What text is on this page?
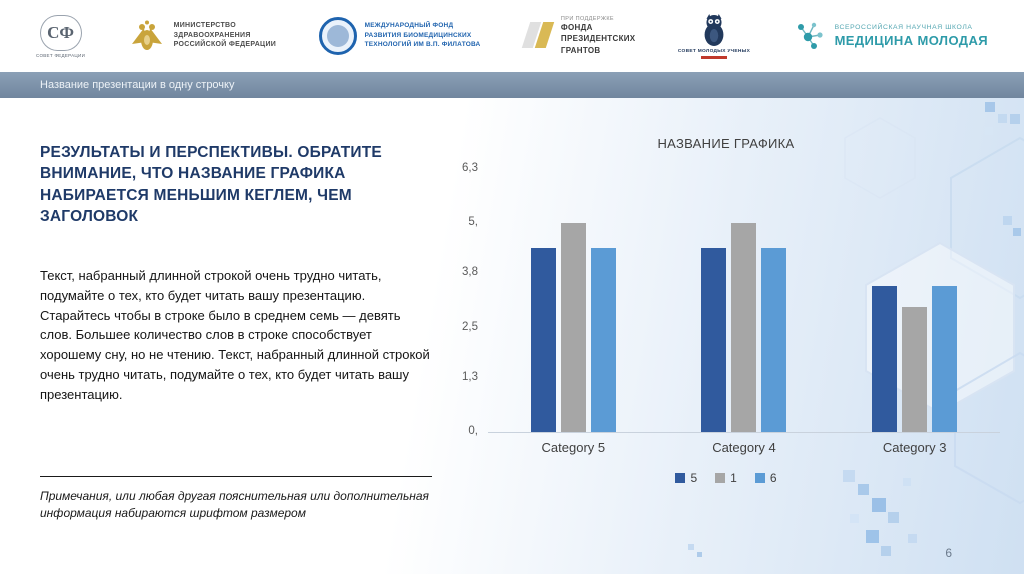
СФ
СОВЕТ ФЕДЕРАЦИИ
МИНИСТЕРСТВО
ЗДРАВООХРАНЕНИЯ
РОССИЙСКОЙ ФЕДЕРАЦИИ
МЕЖДУНАРОДНЫЙ ФОНД
РАЗВИТИЯ БИОМЕДИЦИНСКИХ
ТЕХНОЛОГИЙ ИМ В.П. ФИЛАТОВА
ПРИ ПОДДЕРЖКЕ
ФОНДА
ПРЕЗИДЕНТСКИХ
ГРАНТОВ	СОВЕТ МОЛОДЫХ УЧЕНЫХ
ВСЕРОССИЙСКАЯ НАУЧНАЯ ШКОЛА
МЕДИЦИНА МОЛОДАЯ
Название презентации в одну строчку
РЕЗУЛЬТАТЫ И ПЕРСПЕКТИВЫ. ОБРАТИТЕ ВНИМАНИЕ, ЧТО НАЗВАНИЕ ГРАФИКА НАБИРАЕТСЯ МЕНЬШИМ КЕГЛЕМ, ЧЕМ ЗАГОЛОВОК
Текст, набранный длинной строкой очень трудно читать, подумайте о тех, кто будет читать вашу презентацию. Старайтесь чтобы в строке было в среднем семь — девять слов. Большее количество слов в строке способствует хорошему сну, но не чтению. Текст, набранный длинной строкой очень трудно читать, подумайте о тех, кто будет читать вашу презентацию.
Примечания, или любая другая пояснительная или дополнительная информация набираются шрифтом размером
НАЗВАНИЕ ГРАФИКА
6,3
5,
3,8
2,5
1,3
0,
Category 5	Category 4	Category 3
5	1	6
6
